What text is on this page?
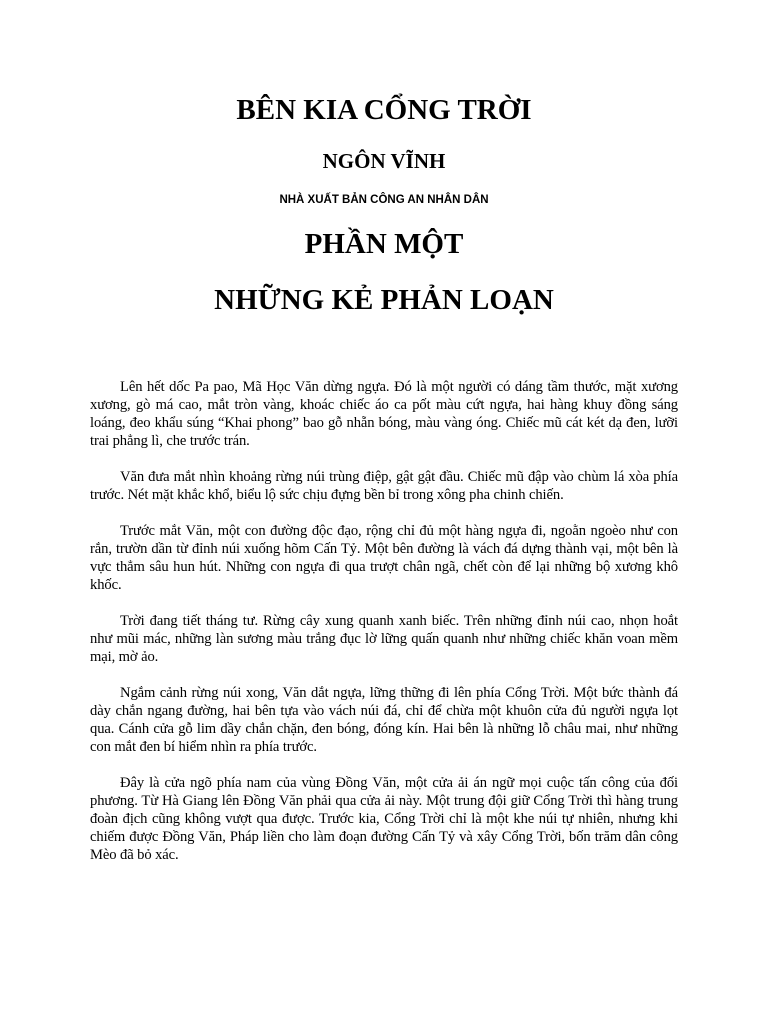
BÊN KIA CỔNG TRỜI
NGÔN VĨNH
NHÀ XUẤT BẢN CÔNG AN NHÂN DÂN
PHẦN MỘT
NHỮNG KẺ PHẢN LOẠN

Lên hết dốc Pa pao, Mã Học Văn dừng ngựa. Đó là một người có dáng tầm thước, mặt xương xương, gò má cao, mắt tròn vàng, khoác chiếc áo ca pốt màu cứt ngựa, hai hàng khuy đồng sáng loáng, đeo khẩu súng “Khai phong” bao gỗ nhẵn bóng, màu vàng óng. Chiếc mũ cát két dạ đen, lưỡi trai phẳng lì, che trước trán.

Văn đưa mắt nhìn khoảng rừng núi trùng điệp, gật gật đầu. Chiếc mũ đập vào chùm lá xòa phía trước. Nét mặt khắc khổ, biểu lộ sức chịu đựng bền bỉ trong xông pha chinh chiến.

Trước mắt Văn, một con đường độc đạo, rộng chỉ đủ một hàng ngựa đi, ngoằn ngoèo như con rắn, trườn dần từ đỉnh núi xuống hõm Cấn Tỷ. Một bên đường là vách đá dựng thành vại, một bên là vực thẳm sâu hun hút. Những con ngựa đi qua trượt chân ngã, chết còn để lại những bộ xương khô khốc.

Trời đang tiết tháng tư. Rừng cây xung quanh xanh biếc. Trên những đỉnh núi cao, nhọn hoắt như mũi mác, những làn sương màu trắng đục lờ lững quấn quanh như những chiếc khăn voan mềm mại, mờ ảo.

Ngắm cảnh rừng núi xong, Văn dắt ngựa, lững thững đi lên phía Cổng Trời. Một bức thành đá dày chắn ngang đường, hai bên tựa vào vách núi đá, chỉ để chừa một khuôn cửa đủ người ngựa lọt qua. Cánh cửa gỗ lim dầy chắn chặn, đen bóng, đóng kín. Hai bên là những lỗ châu mai, như những con mắt đen bí hiểm nhìn ra phía trước.

Đây là cửa ngõ phía nam của vùng Đồng Văn, một cửa ải án ngữ mọi cuộc tấn công của đối phương. Từ Hà Giang lên Đồng Văn phải qua cửa ải này. Một trung đội giữ Cổng Trời thì hàng trung đoàn địch cũng không vượt qua được. Trước kia, Cổng Trời chỉ là một khe núi tự nhiên, nhưng khi chiếm được Đồng Văn, Pháp liền cho làm đoạn đường Cấn Tỷ và xây Cổng Trời, bốn trăm dân công Mèo đã bỏ xác.
